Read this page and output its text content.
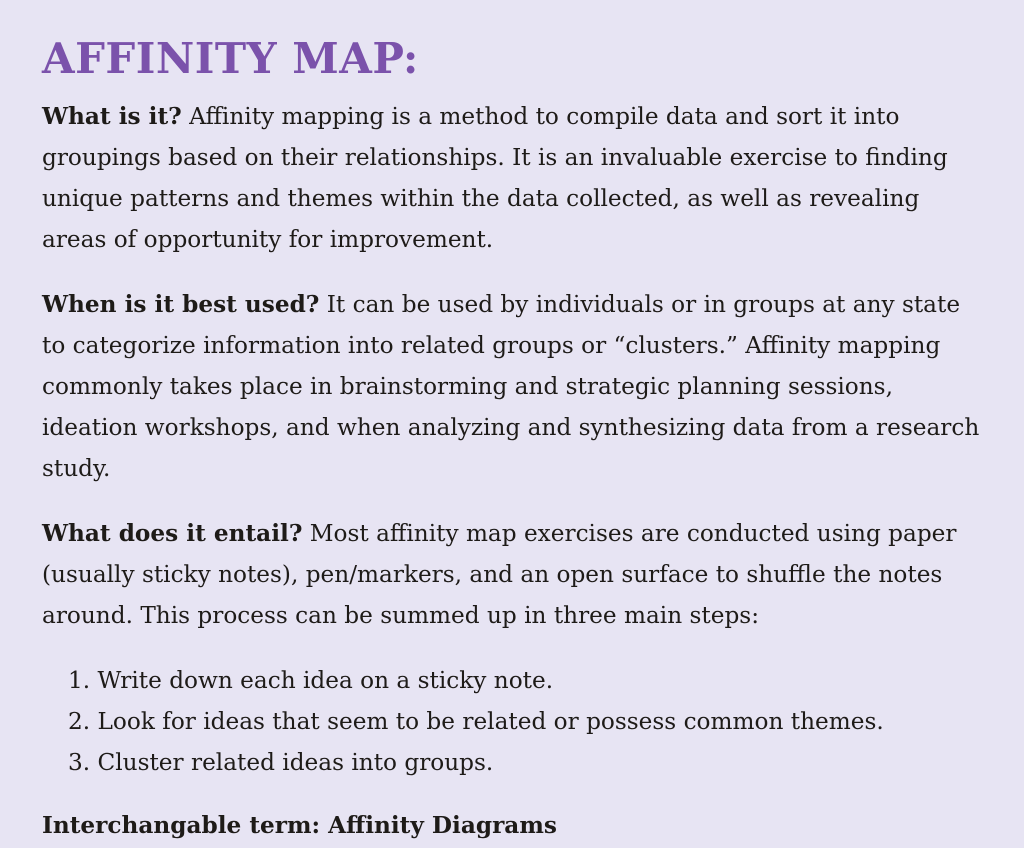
AFFINITY MAP:

What is it? Affinity mapping is a method to compile data and sort it into groupings based on their relationships. It is an invaluable exercise to finding unique patterns and themes within the data collected, as well as revealing areas of opportunity for improvement.

When is it best used? It can be used by individuals or in groups at any state to categorize information into related groups or “clusters.” Affinity mapping commonly takes place in brainstorming and strategic planning sessions, ideation workshops, and when analyzing and synthesizing data from a research study.

What does it entail? Most affinity map exercises are conducted using paper (usually sticky notes), pen/markers, and an open surface to shuffle the notes around. This process can be summed up in three main steps:

1. Write down each idea on a sticky note.
2. Look for ideas that seem to be related or possess common themes.
3. Cluster related ideas into groups.

Interchangable term: Affinity Diagrams
